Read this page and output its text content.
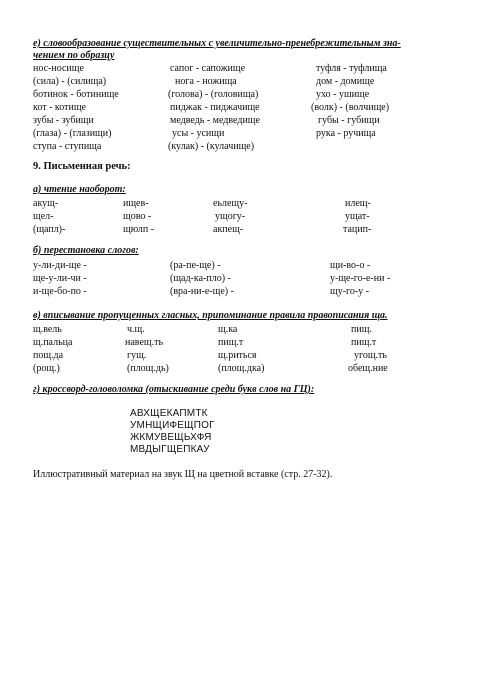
е) словообразование существительных с увеличительно-пренебрежительным зна-
чением по образцу
нос-носище	сапог - сапожище	туфля - туфлища
(сила) - (силища)	нога - ножища	дом - домище
ботинок - ботинище	(голова) - (головища)	ухо - ушище
кот - котище	пиджак - пиджачище	(волк) - (волчище)
зубы - зубищи	медведь - медведище	губы - губищи
(глаза) - (глазищи)	усы - усищи	рука - ручища
ступа - ступища	(кулак) - (кулачище)
9. Письменная речь:
а) чтение наоборот:
акущ-	ищев-	еьлещу-	илещ-
щел-	щово -	ущогу-	ущат-
(щапл)-	щюлп -	акпещ-	тацип-
б) перестановка слогов:
у-ли-ди-ще -	(ра-пе-ще) -	щи-во-о -
ще-у-ли-чи -	(щад-ка-пло) -	у-ще-го-е-ни -
и-ще-бо-по -	(вра-ни-е-ще) -	щу-го-у -
в) вписывание пропущенных гласных, припоминание правила правописания ща.
щ.вель	ч.щ.	щ.ка	пищ.
щ.пальца	навещ.ть	пищ.т	пищ.т
пощ.да	гущ.	щ.риться	угощ.ть
(рощ.)	(площ.дь)	(площ.дка)	обещ.ние
г) кроссворд-головоломка (отыскивание среди букв слов на ГЦ):
АВХЩЕКАПМТК
УМНЩИФЕЩПОГ
ЖКМУВЕЩЬХФЯ
МВДЫГЩЕПКАУ
Иллюстративный материал на звук Щ на цветной вставке (стр. 27-32).
